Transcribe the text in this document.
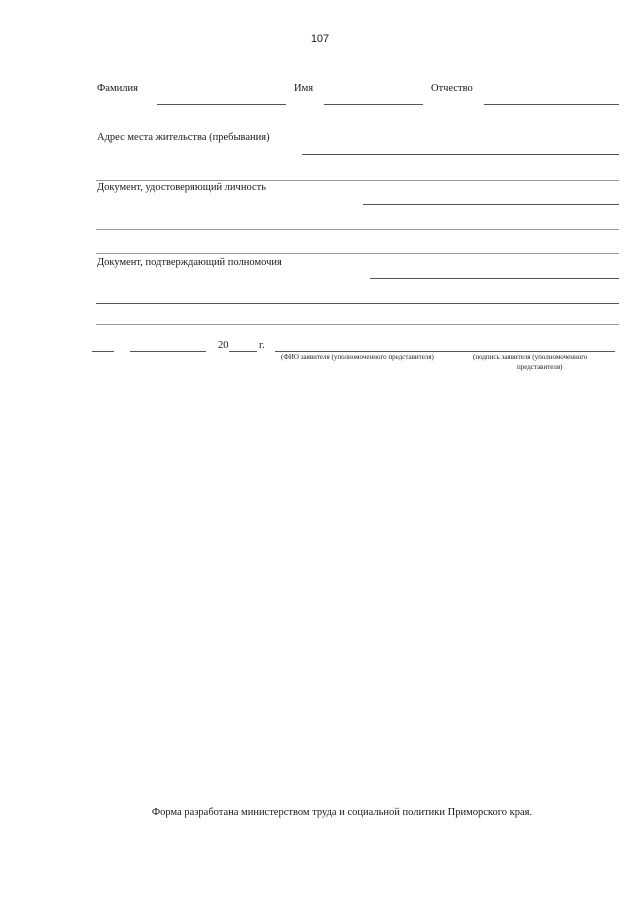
107
Фамилия	Имя	Отчество
Адрес места жительства (пребывания)
Документ, удостоверяющий личность
Документ, подтверждающий полномочия
20	г.
(ФИО заявителя (уполномоченного представителя)	(подпись заявителя (уполномоченного
представителя)
Форма разработана министерством труда и социальной политики Приморского края.
